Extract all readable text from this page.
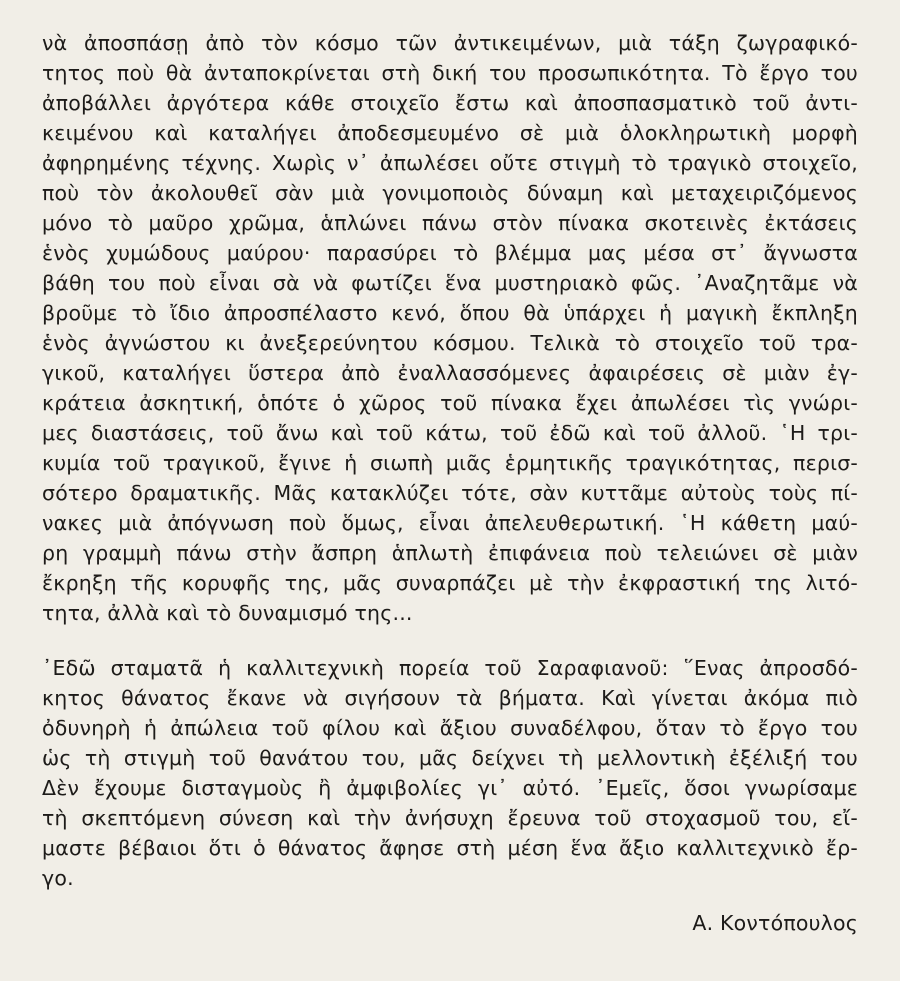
νὰ ἀποσπάσῃ ἀπὸ τὸν κόσμο τῶν ἀντικειμένων, μιὰ τάξη ζωγραφικό-
τητος ποὺ θὰ ἀνταποκρίνεται στὴ δική του προσωπικότητα. Τὸ ἔργο του
ἀποβάλλει ἀργότερα κάθε στοιχεῖο ἔστω καὶ ἀποσπασματικὸ τοῦ ἀντι-
κειμένου καὶ καταλήγει ἀποδεσμευμένο σὲ μιὰ ὁλοκληρωτικὴ μορφὴ
ἀφηρημένης τέχνης. Χωρὶς ν᾿ ἀπωλέσει οὔτε στιγμὴ τὸ τραγικὸ στοιχεῖο,
ποὺ τὸν ἀκολουθεῖ σὰν μιὰ γονιμοποιὸς δύναμη καὶ μεταχειριζόμενος
μόνο τὸ μαῦρο χρῶμα, ἁπλώνει πάνω στὸν πίνακα σκοτεινὲς ἐκτάσεις
ἑνὸς χυμώδους μαύρου· παρασύρει τὸ βλέμμα μας μέσα στ᾿ ἄγνωστα
βάθη του ποὺ εἶναι σὰ νὰ φωτίζει ἕνα μυστηριακὸ φῶς. ᾿Αναζητᾶμε νὰ
βροῦμε τὸ ἴδιο ἀπροσπέλαστο κενό, ὅπου θὰ ὑπάρχει ἡ μαγικὴ ἔκπληξη
ἑνὸς ἀγνώστου κι ἀνεξερεύνητου κόσμου. Τελικὰ τὸ στοιχεῖο τοῦ τρα-
γικοῦ, καταλήγει ὕστερα ἀπὸ ἐναλλασσόμενες ἀφαιρέσεις σὲ μιὰν ἐγ-
κράτεια ἀσκητική, ὁπότε ὁ χῶρος τοῦ πίνακα ἔχει ἀπωλέσει τὶς γνώρι-
μες διαστάσεις, τοῦ ἄνω καὶ τοῦ κάτω, τοῦ ἐδῶ καὶ τοῦ ἀλλοῦ. ῾Η τρι-
κυμία τοῦ τραγικοῦ, ἔγινε ἡ σιωπὴ μιᾶς ἑρμητικῆς τραγικότητας, περισ-
σότερο δραματικῆς. Μᾶς κατακλύζει τότε, σὰν κυττᾶμε αὐτοὺς τοὺς πί-
νακες μιὰ ἀπόγνωση ποὺ ὅμως, εἶναι ἀπελευθερωτική. ῾Η κάθετη μαύ-
ρη γραμμὴ πάνω στὴν ἄσπρη ἁπλωτὴ ἐπιφάνεια ποὺ τελειώνει σὲ μιὰν
ἔκρηξη τῆς κορυφῆς της, μᾶς συναρπάζει μὲ τὴν ἐκφραστική της λιτό-
τητα, ἀλλὰ καὶ τὸ δυναμισμό της...
᾿Εδῶ σταματᾶ ἡ καλλιτεχνικὴ πορεία τοῦ Σαραφιανοῦ: ῞Ενας ἀπροσδό-
κητος θάνατος ἔκανε νὰ σιγήσουν τὰ βήματα. Καὶ γίνεται ἀκόμα πιὸ
ὀδυνηρὴ ἡ ἀπώλεια τοῦ φίλου καὶ ἄξιου συναδέλφου, ὅταν τὸ ἔργο του
ὡς τὴ στιγμὴ τοῦ θανάτου του, μᾶς δείχνει τὴ μελλοντικὴ ἐξέλιξή του
Δὲν ἔχουμε δισταγμοὺς ἢ ἀμφιβολίες γι᾿ αὐτό. ᾿Εμεῖς, ὅσοι γνωρίσαμε
τὴ σκεπτόμενη σύνεση καὶ τὴν ἀνήσυχη ἔρευνα τοῦ στοχασμοῦ του, εἴ-
μαστε βέβαιοι ὅτι ὁ θάνατος ἄφησε στὴ μέση ἕνα ἄξιο καλλιτεχνικὸ ἔρ-
γο.
Α. Κοντόπουλος
